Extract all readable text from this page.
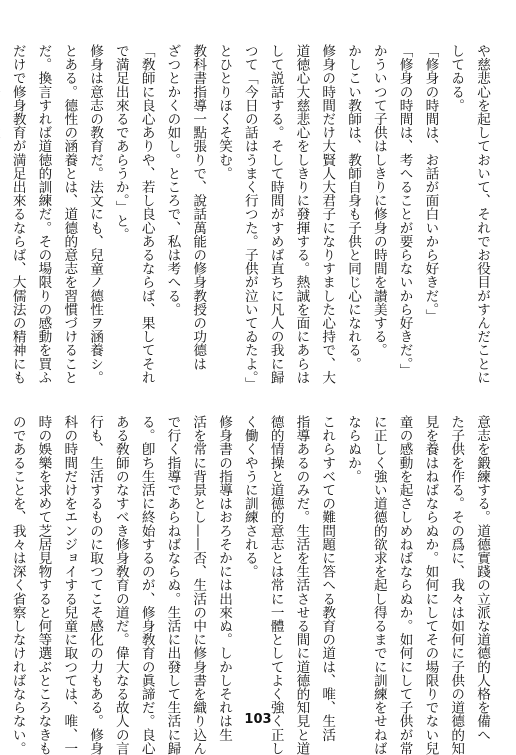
や慈悲心を起しておいて、それでお役目がすんだことに
してゐる。
「修身の時間は、お話が面白いから好きだ。」
「修身の時間は、考へることが要らないから好きだ。」
かういつて子供はしきりに修身の時間を讃美する。
かしこい教師は、教師自身も子供と同じ心になれる。
修身の時間だけ大賢人大君子になりすました心持で、大
道徳心大慈悲心をしきりに發揮する。熱誠を面にあらは
して説話する。そして時間がすめば直ちに凡人の我に歸
つて「今日の話はうまく行つた。子供が泣いてゐたよ。」
とひとりほくそ笑む。
教科書指導一點張りで、說話萬能の修身教授の功德は
ざつとかくの如し。ところで、私は考へる。
「敎師に良心ありや、若し良心あるならば、果してそれ
で満足出來るであらうか。」と。
修身は意志の教育だ。法文にも、兒童ノ德性ヲ涵養シ。
とある。德性の涵養とは、道德的意志を習慣づけること
だ。換言すれば道徳的訓練だ。その場限りの感動を買ふ
だけで修身教育が満足出來るならば、大儒法の精神にも
意志を鍛練する。道德實踐の立派な道德的人格を備へ
た子供を作る。その爲に、我々は如何に子供の道德的知
見を養はねばならぬか。如何にしてその場限りでない兒
童の感動を起さしめねばならぬか。如何にして子供が常
に正しく強い道德的欲求を起し得るまでに訓練をせねば
ならぬか。
これらすべての難問題に答へる教育の道は、唯、生活
指導あるのみだ。生活を生活させる間に道德的知見と道
德的情操と道德的意志とは常に一體としてよく強く正し
く働くやうに訓練される。
修身書の指導はおろそかには出來ぬ。しかしそれは生
活を常に背景とし——否、生活の中に修身書を織り込ん
で行く指導であらねばならぬ。生活に出發して生活に歸
る。卽ち生活に終始するのが、修身敎育の眞諦だ。良心
ある敎師のなすべき修身敎育の道だ。偉大なる故人の言
行も、生活するものに取つてこそ感化の力もある。修身
科の時間だけをエンジョイする兒童に取つては、唯、一
時の娛樂を求めて芝居見物すると何等選ぶところなきも
のであることを、我々は深く省察しなければならない。	103
